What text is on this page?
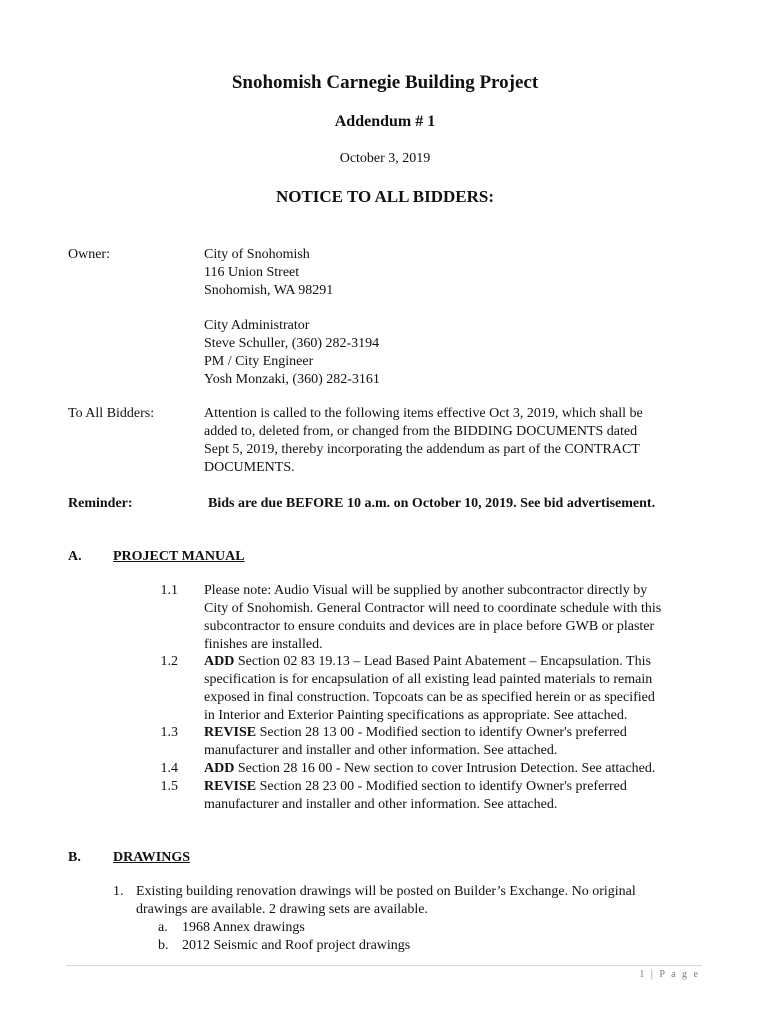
Snohomish Carnegie Building Project
Addendum # 1
October 3, 2019
NOTICE TO ALL BIDDERS:
Owner:	City of Snohomish
116 Union Street
Snohomish, WA 98291
City Administrator
Steve Schuller, (360) 282-3194
PM / City Engineer
Yosh Monzaki, (360) 282-3161
To All Bidders:	Attention is called to the following items effective Oct 3, 2019, which shall be
added to, deleted from, or changed from the BIDDING DOCUMENTS dated
Sept 5, 2019, thereby incorporating the addendum as part of the CONTRACT
DOCUMENTS.
Reminder:	Bids are due BEFORE 10 a.m. on October 10, 2019. See bid advertisement.
A. PROJECT MANUAL
1.1 Please note: Audio Visual will be supplied by another subcontractor directly by
City of Snohomish. General Contractor will need to coordinate schedule with this
subcontractor to ensure conduits and devices are in place before GWB or plaster
finishes are installed.
1.2 ADD Section 02 83 19.13 – Lead Based Paint Abatement – Encapsulation. This
specification is for encapsulation of all existing lead painted materials to remain
exposed in final construction. Topcoats can be as specified herein or as specified
in Interior and Exterior Painting specifications as appropriate. See attached.
1.3 REVISE Section 28 13 00 - Modified section to identify Owner's preferred
manufacturer and installer and other information. See attached.
1.4 ADD Section 28 16 00 - New section to cover Intrusion Detection. See attached.
1.5 REVISE Section 28 23 00 - Modified section to identify Owner's preferred
manufacturer and installer and other information. See attached.
B. DRAWINGS
1. Existing building renovation drawings will be posted on Builder’s Exchange. No original
drawings are available. 2 drawing sets are available.
a. 1968 Annex drawings
b. 2012 Seismic and Roof project drawings
1 | P a g e
